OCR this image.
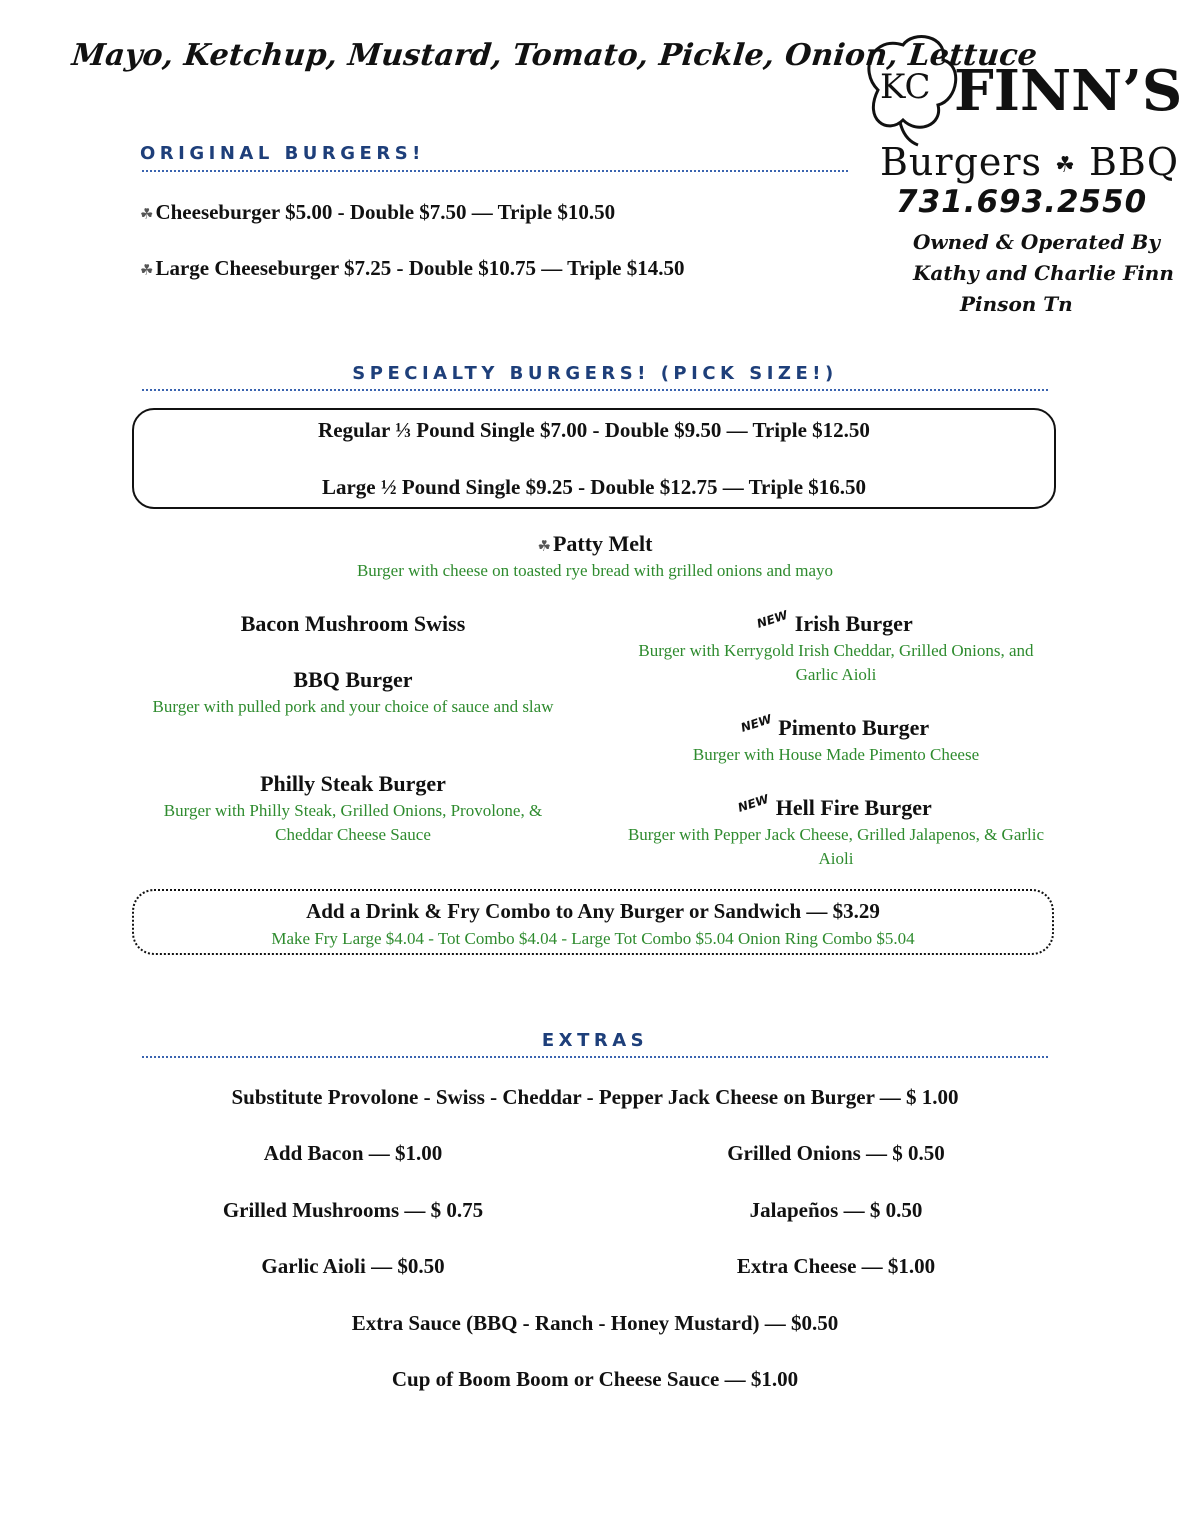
Mayo, Ketchup, Mustard, Tomato, Pickle, Onion, Lettuce
KC FINN’S
Burgers ☘ BBQ
731.693.2550
Owned & Operated By
Kathy and Charlie Finn
Pinson Tn
ORIGINAL BURGERS!
☘Cheeseburger $5.00 - Double $7.50 — Triple $10.50
☘Large Cheeseburger $7.25 - Double $10.75 — Triple $14.50
SPECIALTY BURGERS! (PICK SIZE!)
Regular ⅓ Pound Single $7.00 - Double $9.50 — Triple $12.50
Large ½ Pound Single $9.25 - Double $12.75 — Triple $16.50
☘Patty Melt
Burger with cheese on toasted rye bread with grilled onions and mayo
Bacon Mushroom Swiss
BBQ Burger
Burger with pulled pork and your choice of sauce and slaw
Philly Steak Burger
Burger with Philly Steak, Grilled Onions, Provolone, & Cheddar Cheese Sauce
NEW Irish Burger
Burger with Kerrygold Irish Cheddar, Grilled Onions, and Garlic Aioli
NEW Pimento Burger
Burger with House Made Pimento Cheese
NEW Hell Fire Burger
Burger with Pepper Jack Cheese, Grilled Jalapenos, & Garlic Aioli
Add a Drink & Fry Combo to Any Burger or Sandwich — $3.29
Make Fry Large $4.04 - Tot Combo $4.04 - Large Tot Combo $5.04 Onion Ring Combo $5.04
EXTRAS
Substitute Provolone - Swiss - Cheddar - Pepper Jack Cheese on Burger — $ 1.00
Add Bacon — $1.00	Grilled Onions — $ 0.50
Grilled Mushrooms — $ 0.75	Jalapeños — $ 0.50
Garlic Aioli — $0.50	Extra Cheese — $1.00
Extra Sauce (BBQ - Ranch - Honey Mustard) — $0.50
Cup of Boom Boom or Cheese Sauce — $1.00
